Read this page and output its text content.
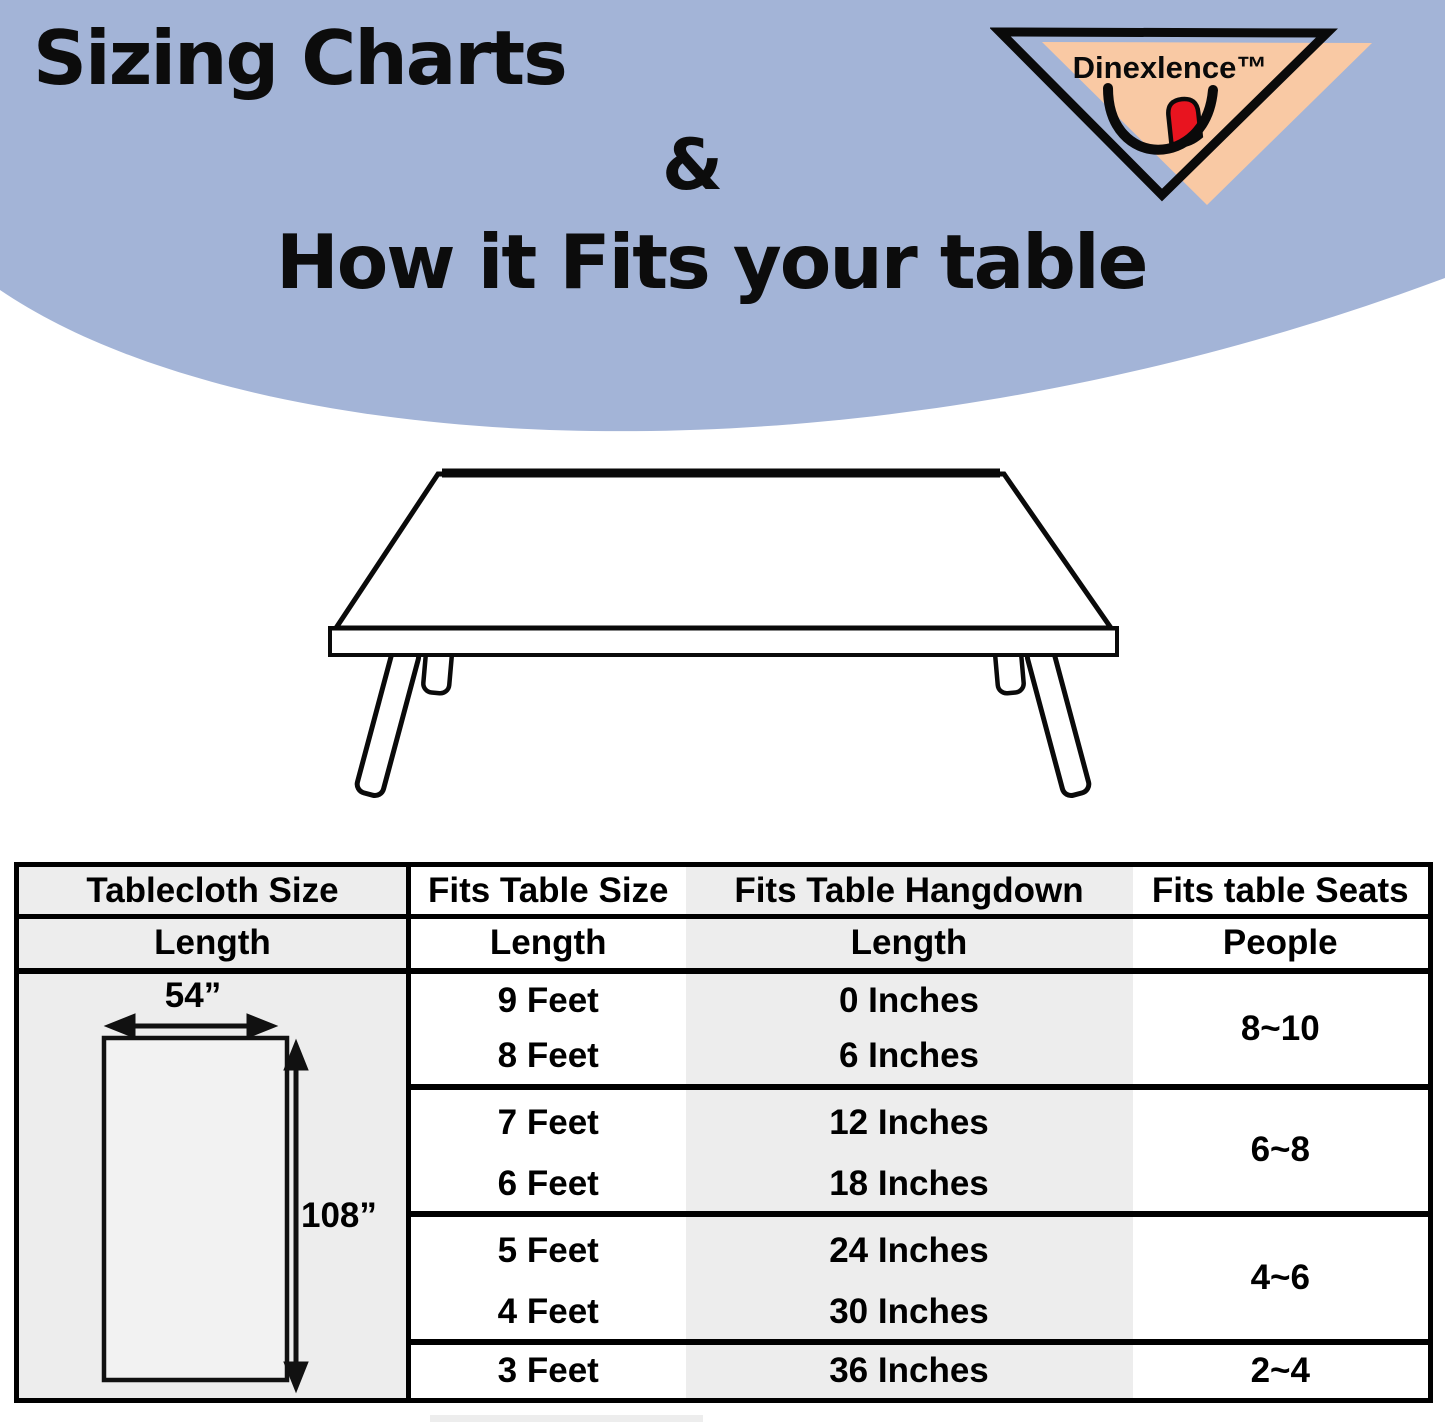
Sizing Charts
&
How it Fits your table
Dinexlence™
Tablecloth Size	Fits Table Size	Fits Table Hangdown	Fits table Seats
Length	Length	Length	People

54”
108”	9 Feet	0 Inches	8~10
	8 Feet	6 Inches	
	7 Feet	12 Inches	6~8
	6 Feet	18 Inches	
	5 Feet	24 Inches	4~6
	4 Feet	30 Inches	
	3 Feet	36 Inches	2~4
